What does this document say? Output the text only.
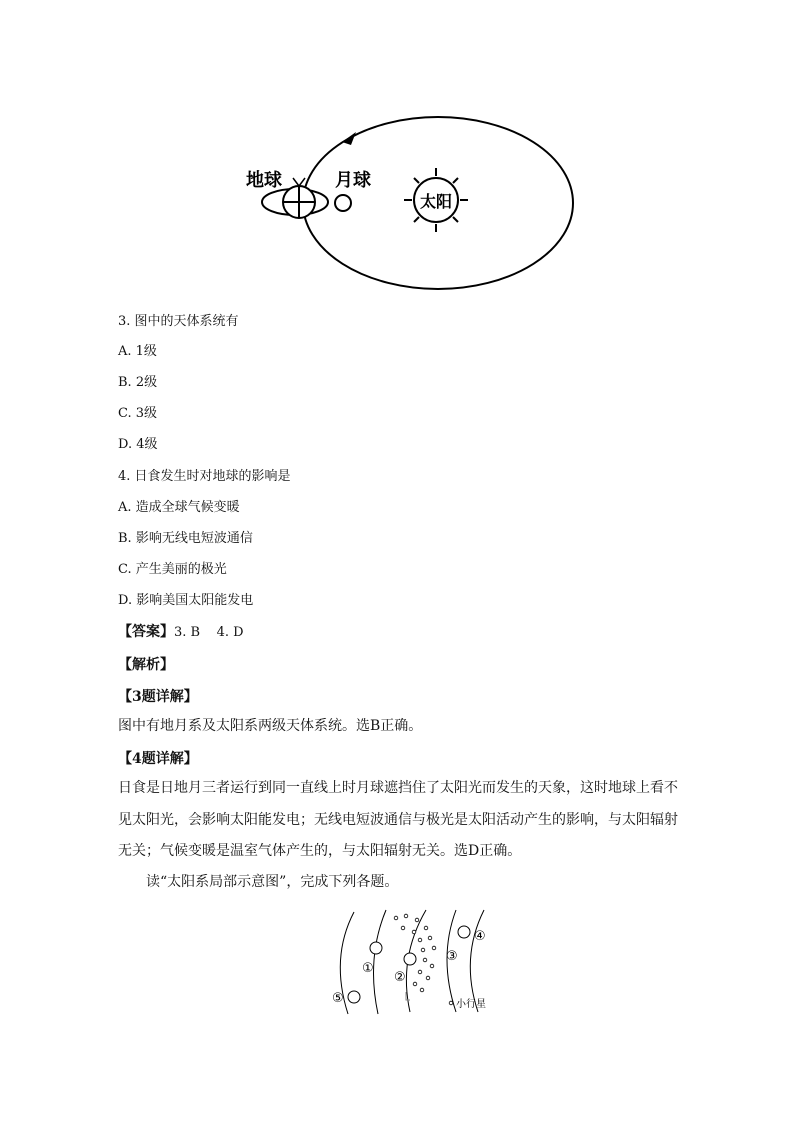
地球	月球
太阳
3. 图中的天体系统有
A. 1级
B. 2级
C. 3级
D. 4级
4. 日食发生时对地球的影响是
A. 造成全球气候变暖
B. 影响无线电短波通信
C. 产生美丽的极光
D. 影响美国太阳能发电
【答案】3. B    4. D
【解析】
【3题详解】
图中有地月系及太阳系两级天体系统。选B正确。
【4题详解】
日食是日地月三者运行到同一直线上时月球遮挡住了太阳光而发生的天象，这时地球上看不见太阳光，会影响太阳能发电；无线电短波通信与极光是太阳活动产生的影响，与太阳辐射无关；气候变暖是温室气体产生的，与太阳辐射无关。选D正确。
读“太阳系局部示意图”，完成下列各题。
①
②
③
④
⑤	小行星
